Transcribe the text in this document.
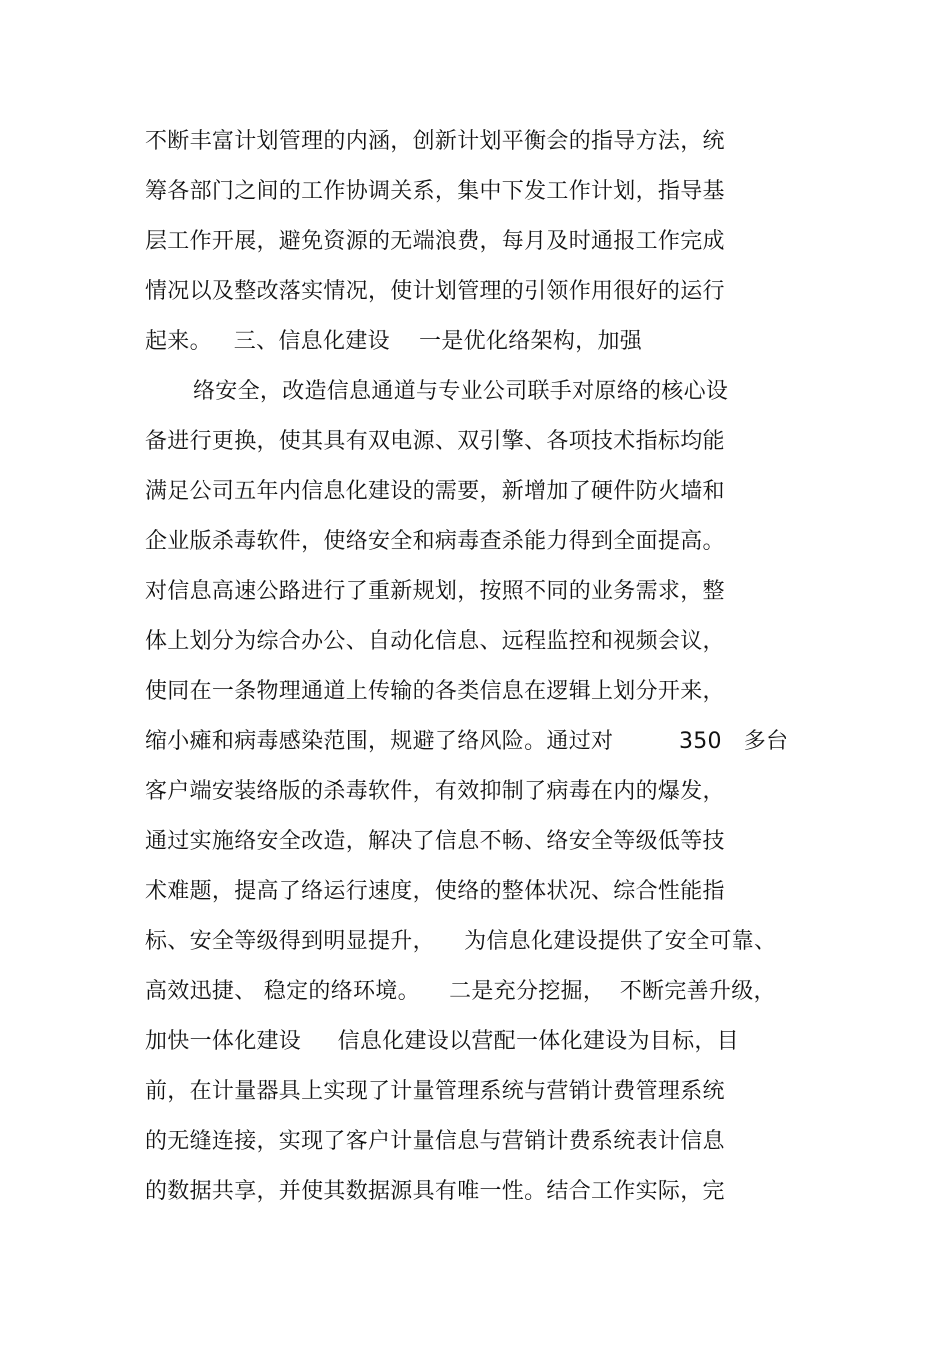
不断丰富计划管理的内涵，创新计划平衡会的指导方法，统
筹各部门之间的工作协调关系，集中下发工作计划，指导基
层工作开展，避免资源的无端浪费，每月及时通报工作完成
情况以及整改落实情况，使计划管理的引领作用很好的运行
起来。   三、信息化建设    一是优化络架构，加强
络安全，改造信息通道与专业公司联手对原络的核心设
备进行更换，使其具有双电源、双引擎、各项技术指标均能
满足公司五年内信息化建设的需要，新增加了硬件防火墙和
企业版杀毒软件，使络安全和病毒查杀能力得到全面提高。
对信息高速公路进行了重新规划，按照不同的业务需求，整
体上划分为综合办公、自动化信息、远程监控和视频会议，
使同在一条物理通道上传输的各类信息在逻辑上划分开来，
缩小瘫和病毒感染范围，规避了络风险。通过对         350   多台
客户端安装络版的杀毒软件，有效抑制了病毒在内的爆发，
通过实施络安全改造，解决了信息不畅、络安全等级低等技
术难题，提高了络运行速度，使络的整体状况、综合性能指
标、安全等级得到明显提升，    为信息化建设提供了安全可靠、
高效迅捷、 稳定的络环境。    二是充分挖掘，  不断完善升级，
加快一体化建设     信息化建设以营配一体化建设为目标，目
前，在计量器具上实现了计量管理系统与营销计费管理系统
的无缝连接，实现了客户计量信息与营销计费系统表计信息
的数据共享，并使其数据源具有唯一性。结合工作实际，完
